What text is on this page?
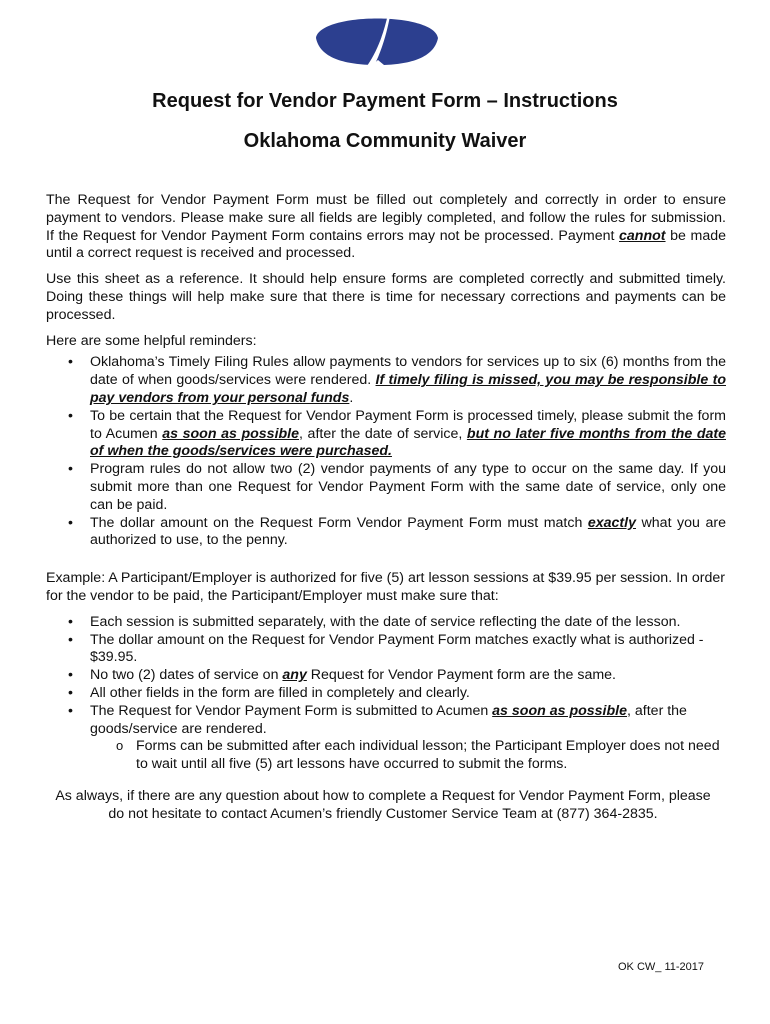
Request for Vendor Payment Form – Instructions
Oklahoma Community Waiver

The Request for Vendor Payment Form must be filled out completely and correctly in order to ensure payment to vendors. Please make sure all fields are legibly completed, and follow the rules for submission. If the Request for Vendor Payment Form contains errors may not be processed. Payment cannot be made until a correct request is received and processed.

Use this sheet as a reference. It should help ensure forms are completed correctly and submitted timely. Doing these things will help make sure that there is time for necessary corrections and payments can be processed.

Here are some helpful reminders:

• Oklahoma’s Timely Filing Rules allow payments to vendors for services up to six (6) months from the date of when goods/services were rendered. If timely filing is missed, you may be responsible to pay vendors from your personal funds.
• To be certain that the Request for Vendor Payment Form is processed timely, please submit the form to Acumen as soon as possible, after the date of service, but no later five months from the date of when the goods/services were purchased.
• Program rules do not allow two (2) vendor payments of any type to occur on the same day. If you submit more than one Request for Vendor Payment Form with the same date of service, only one can be paid.
• The dollar amount on the Request Form Vendor Payment Form must match exactly what you are authorized to use, to the penny.

Example: A Participant/Employer is authorized for five (5) art lesson sessions at $39.95 per session. In order for the vendor to be paid, the Participant/Employer must make sure that:

• Each session is submitted separately, with the date of service reflecting the date of the lesson.
• The dollar amount on the Request for Vendor Payment Form matches exactly what is authorized - $39.95.
• No two (2) dates of service on any Request for Vendor Payment form are the same.
• All other fields in the form are filled in completely and clearly.
• The Request for Vendor Payment Form is submitted to Acumen as soon as possible, after the goods/service are rendered.
o Forms can be submitted after each individual lesson; the Participant Employer does not need to wait until all five (5) art lessons have occurred to submit the forms.

As always, if there are any question about how to complete a Request for Vendor Payment Form, please do not hesitate to contact Acumen’s friendly Customer Service Team at (877) 364-2835.

OK CW_ 11-2017
